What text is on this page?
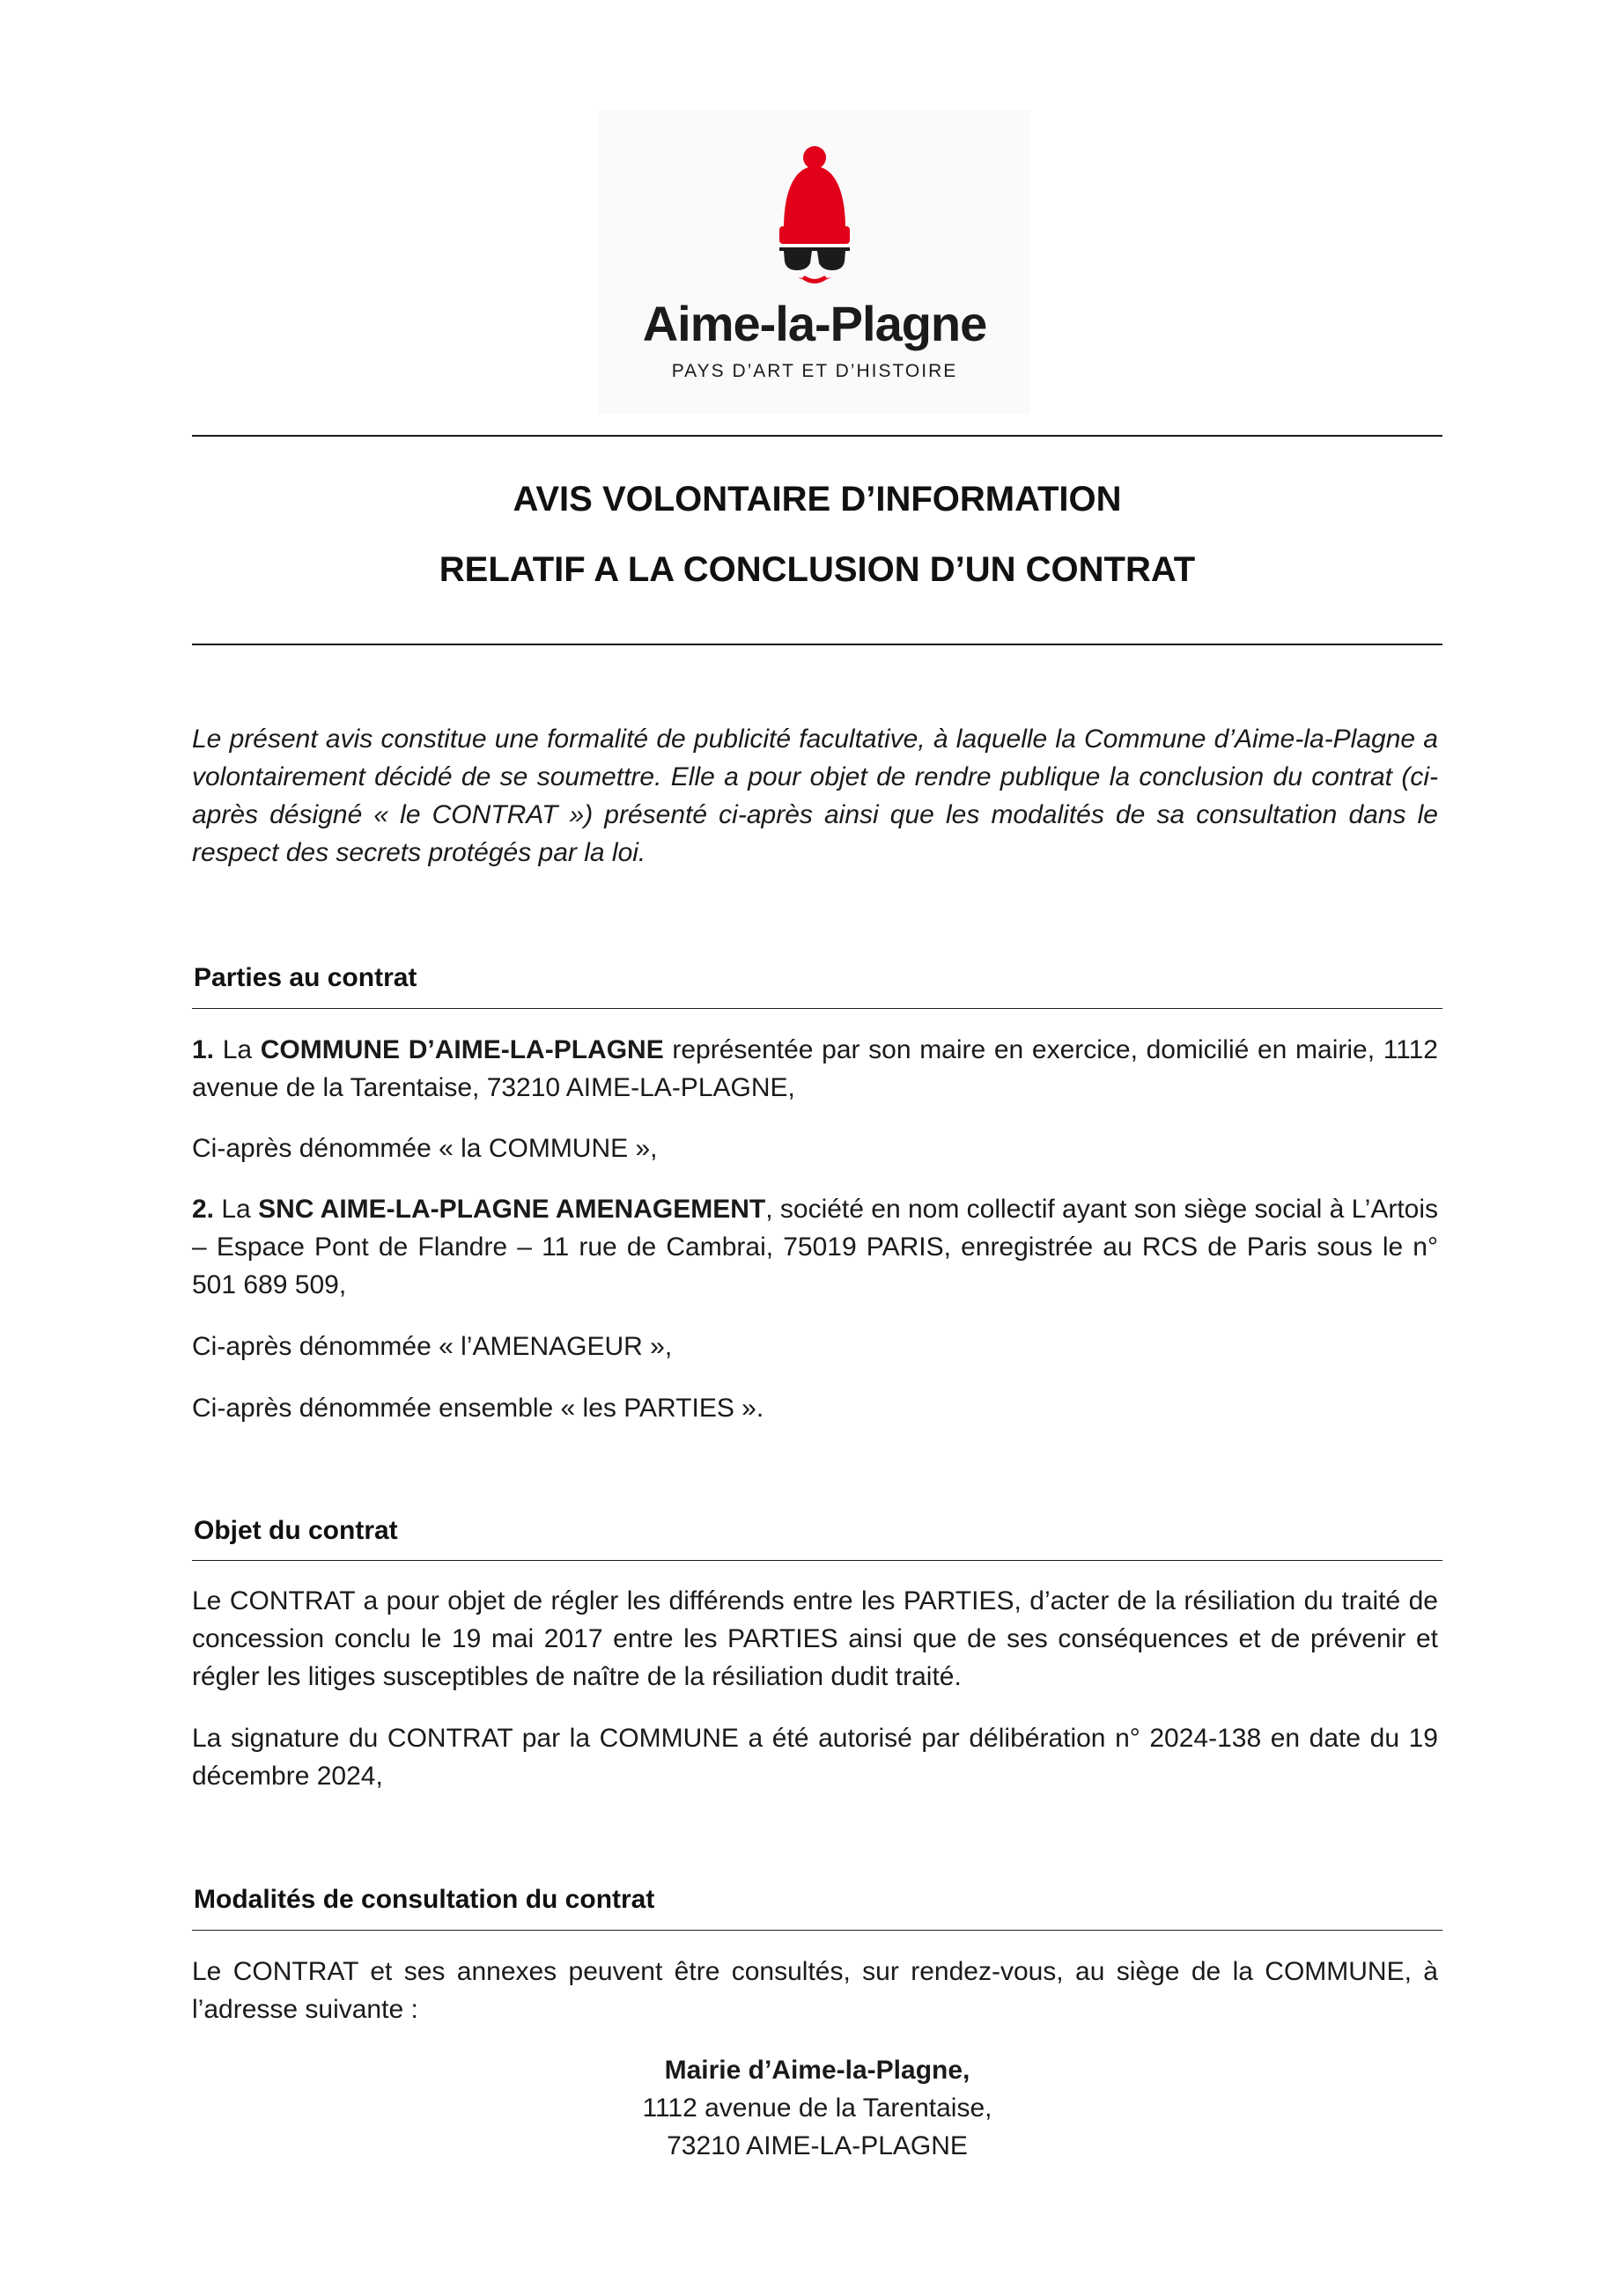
Aime-la-Plagne
PAYS D’ART ET D’HISTOIRE
AVIS VOLONTAIRE D’INFORMATION
RELATIF A LA CONCLUSION D’UN CONTRAT
Le présent avis constitue une formalité de publicité facultative, à laquelle la Commune d’Aime-la-Plagne a volontairement décidé de se soumettre. Elle a pour objet de rendre publique la conclusion du contrat (ci-après désigné « le CONTRAT ») présenté ci-après ainsi que les modalités de sa consultation dans le respect des secrets protégés par la loi.
Parties au contrat
1. La COMMUNE D’AIME-LA-PLAGNE représentée par son maire en exercice, domicilié en mairie, 1112 avenue de la Tarentaise, 73210 AIME-LA-PLAGNE,
Ci-après dénommée « la COMMUNE »,
2. La SNC AIME-LA-PLAGNE AMENAGEMENT, société en nom collectif ayant son siège social à L’Artois – Espace Pont de Flandre – 11 rue de Cambrai, 75019 PARIS, enregistrée au RCS de Paris sous le n° 501 689 509,
Ci-après dénommée « l’AMENAGEUR »,
Ci-après dénommée ensemble « les PARTIES ».
Objet du contrat
Le CONTRAT a pour objet de régler les différends entre les PARTIES, d’acter de la résiliation du traité de concession conclu le 19 mai 2017 entre les PARTIES ainsi que de ses conséquences et de prévenir et régler les litiges susceptibles de naître de la résiliation dudit traité.
La signature du CONTRAT par la COMMUNE a été autorisé par délibération n° 2024-138 en date du 19 décembre 2024,
Modalités de consultation du contrat
Le CONTRAT et ses annexes peuvent être consultés, sur rendez-vous, au siège de la COMMUNE, à l’adresse suivante :
Mairie d’Aime-la-Plagne,
1112 avenue de la Tarentaise,
73210 AIME-LA-PLAGNE
